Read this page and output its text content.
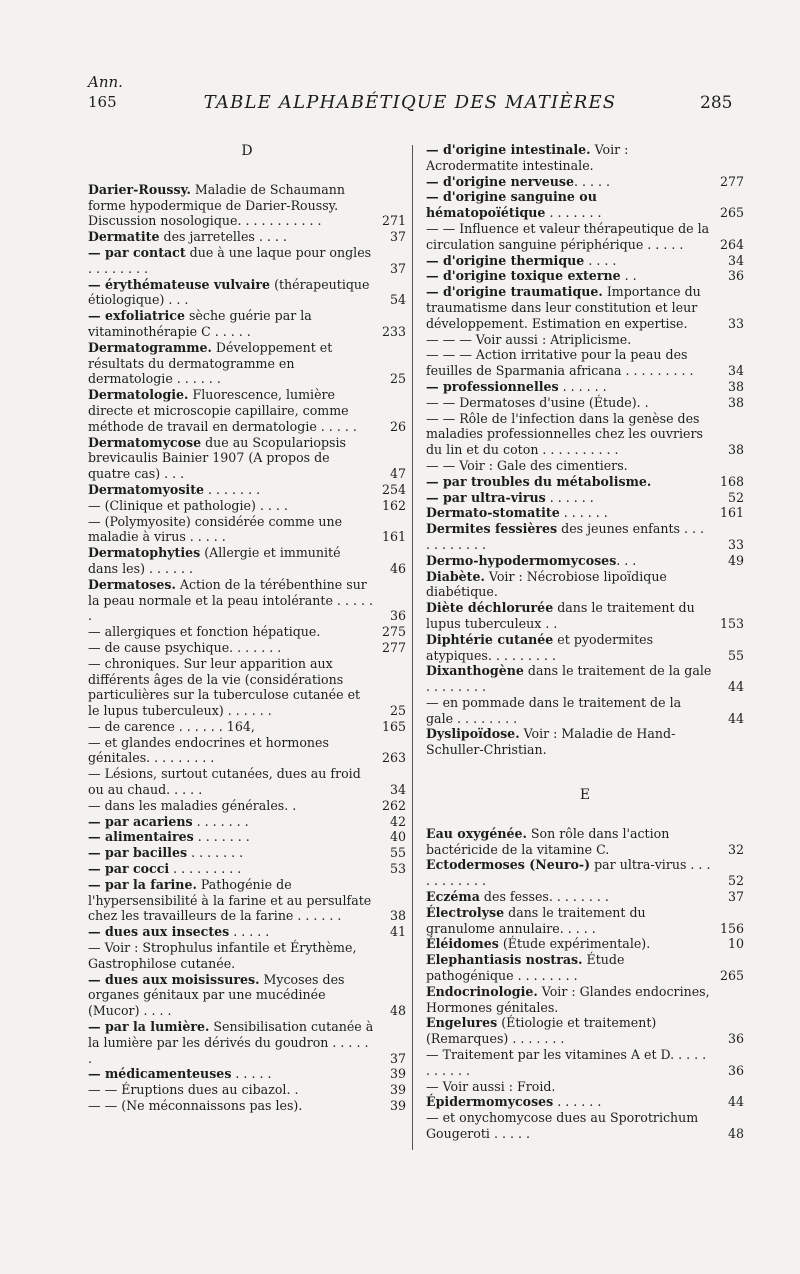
Ann.
165	TABLE ALPHABÉTIQUE DES MATIÈRES	285
D
Darier-Roussy. Maladie de Schaumann forme hypodermique de Darier-Roussy. Discussion nosologique. . . . . . . . . . .	271
Dermatite des jarretelles . . . .	37
— par contact due à une laque pour ongles . . . . . . . .	37
— érythémateuse vulvaire (thérapeutique étiologique) . . .	54
— exfoliatrice sèche guérie par la vitaminothérapie C . . . . .	233
Dermatogramme. Développement et résultats du dermatogramme en dermatologie . . . . . .	25
Dermatologie. Fluorescence, lumière directe et microscopie capillaire, comme méthode de travail en dermatologie . . . . .	26
Dermatomycose due au Scopulariopsis brevicaulis Bainier 1907 (A propos de quatre cas) . . .	47
Dermatomyosite . . . . . . .	254
— (Clinique et pathologie) . . . .	162
— (Polymyosite) considérée comme une maladie à virus . . . . .	161
Dermatophyties (Allergie et immunité dans les) . . . . . .	46
Dermatoses. Action de la térébenthine sur la peau normale et la peau intolérante . . . . . .	36
— allergiques et fonction hépatique.	275
— de cause psychique. . . . . . .	277
— chroniques. Sur leur apparition aux différents âges de la vie (considérations particulières sur la tuberculose cutanée et le lupus tuberculeux) . . . . . .	25
— de carence . . . . . . 164,	165
— et glandes endocrines et hormones génitales. . . . . . . . .	263
— Lésions, surtout cutanées, dues au froid ou au chaud. . . . .	34
— dans les maladies générales. .	262
— par acariens . . . . . . .	42
— alimentaires . . . . . . .	40
— par bacilles . . . . . . .	55
— par cocci . . . . . . . . .	53
— par la farine. Pathogénie de l'hypersensibilité à la farine et au persulfate chez les travailleurs de la farine . . . . . .	38
— dues aux insectes . . . . .	41
— Voir : Strophulus infantile et Érythème, Gastrophilose cutanée.
— dues aux moisissures. Mycoses des organes génitaux par une mucédinée (Mucor) . . . .	48
— par la lumière. Sensibilisation cutanée à la lumière par les dérivés du goudron . . . . . .	37
— médicamenteuses . . . . .	39
— — Éruptions dues au cibazol. .	39
— — (Ne méconnaissons pas les).	39
— d'origine intestinale. Voir : Acrodermatite intestinale.
— d'origine nerveuse. . . . .	277
— d'origine sanguine ou hématopoïétique . . . . . . .	265
— — Influence et valeur thérapeutique de la circulation sanguine périphérique . . . . .	264
— d'origine thermique . . . .	34
— d'origine toxique externe . .	36
— d'origine traumatique. Importance du traumatisme dans leur constitution et leur développement. Estimation en expertise.	33
— — — Voir aussi : Atriplicisme.
— — — Action irritative pour la peau des feuilles de Sparmania africana . . . . . . . . .	34
— professionnelles . . . . . .	38
— — Dermatoses d'usine (Étude). .	38
— — Rôle de l'infection dans la genèse des maladies professionnelles chez les ouvriers du lin et du coton . . . . . . . . . .	38
— — Voir : Gale des cimentiers.
— par troubles du métabolisme.	168
— par ultra-virus . . . . . .	52
Dermato-stomatite . . . . . .	161
Dermites fessières des jeunes enfants . . . . . . . . . . .	33
Dermo-hypodermomycoses. . .	49
Diabète. Voir : Nécrobiose lipoïdique diabétique.
Diète déchlorurée dans le traitement du lupus tuberculeux . .	153
Diphtérie cutanée et pyodermites atypiques. . . . . . . . .	55
Dixanthogène dans le traitement de la gale . . . . . . . .	44
— en pommade dans le traitement de la gale . . . . . . . .	44
Dyslipoïdose. Voir : Maladie de Hand-Schuller-Christian.
E
Eau oxygénée. Son rôle dans l'action bactéricide de la vitamine C.	32
Ectodermoses (Neuro-) par ultra-virus . . . . . . . . . . .	52
Eczéma des fesses. . . . . . . .	37
Électrolyse dans le traitement du granulome annulaire. . . . .	156
Éléidomes (Étude expérimentale).	10
Elephantiasis nostras. Étude pathogénique . . . . . . . .	265
Endocrinologie. Voir : Glandes endocrines, Hormones génitales.
Engelures (Étiologie et traitement) (Remarques) . . . . . . .	36
— Traitement par les vitamines A et D. . . . . . . . . . .	36
— Voir aussi : Froid.
Épidermomycoses . . . . . .	44
— et onychomycose dues au Sporotrichum Gougeroti . . . . .	48
